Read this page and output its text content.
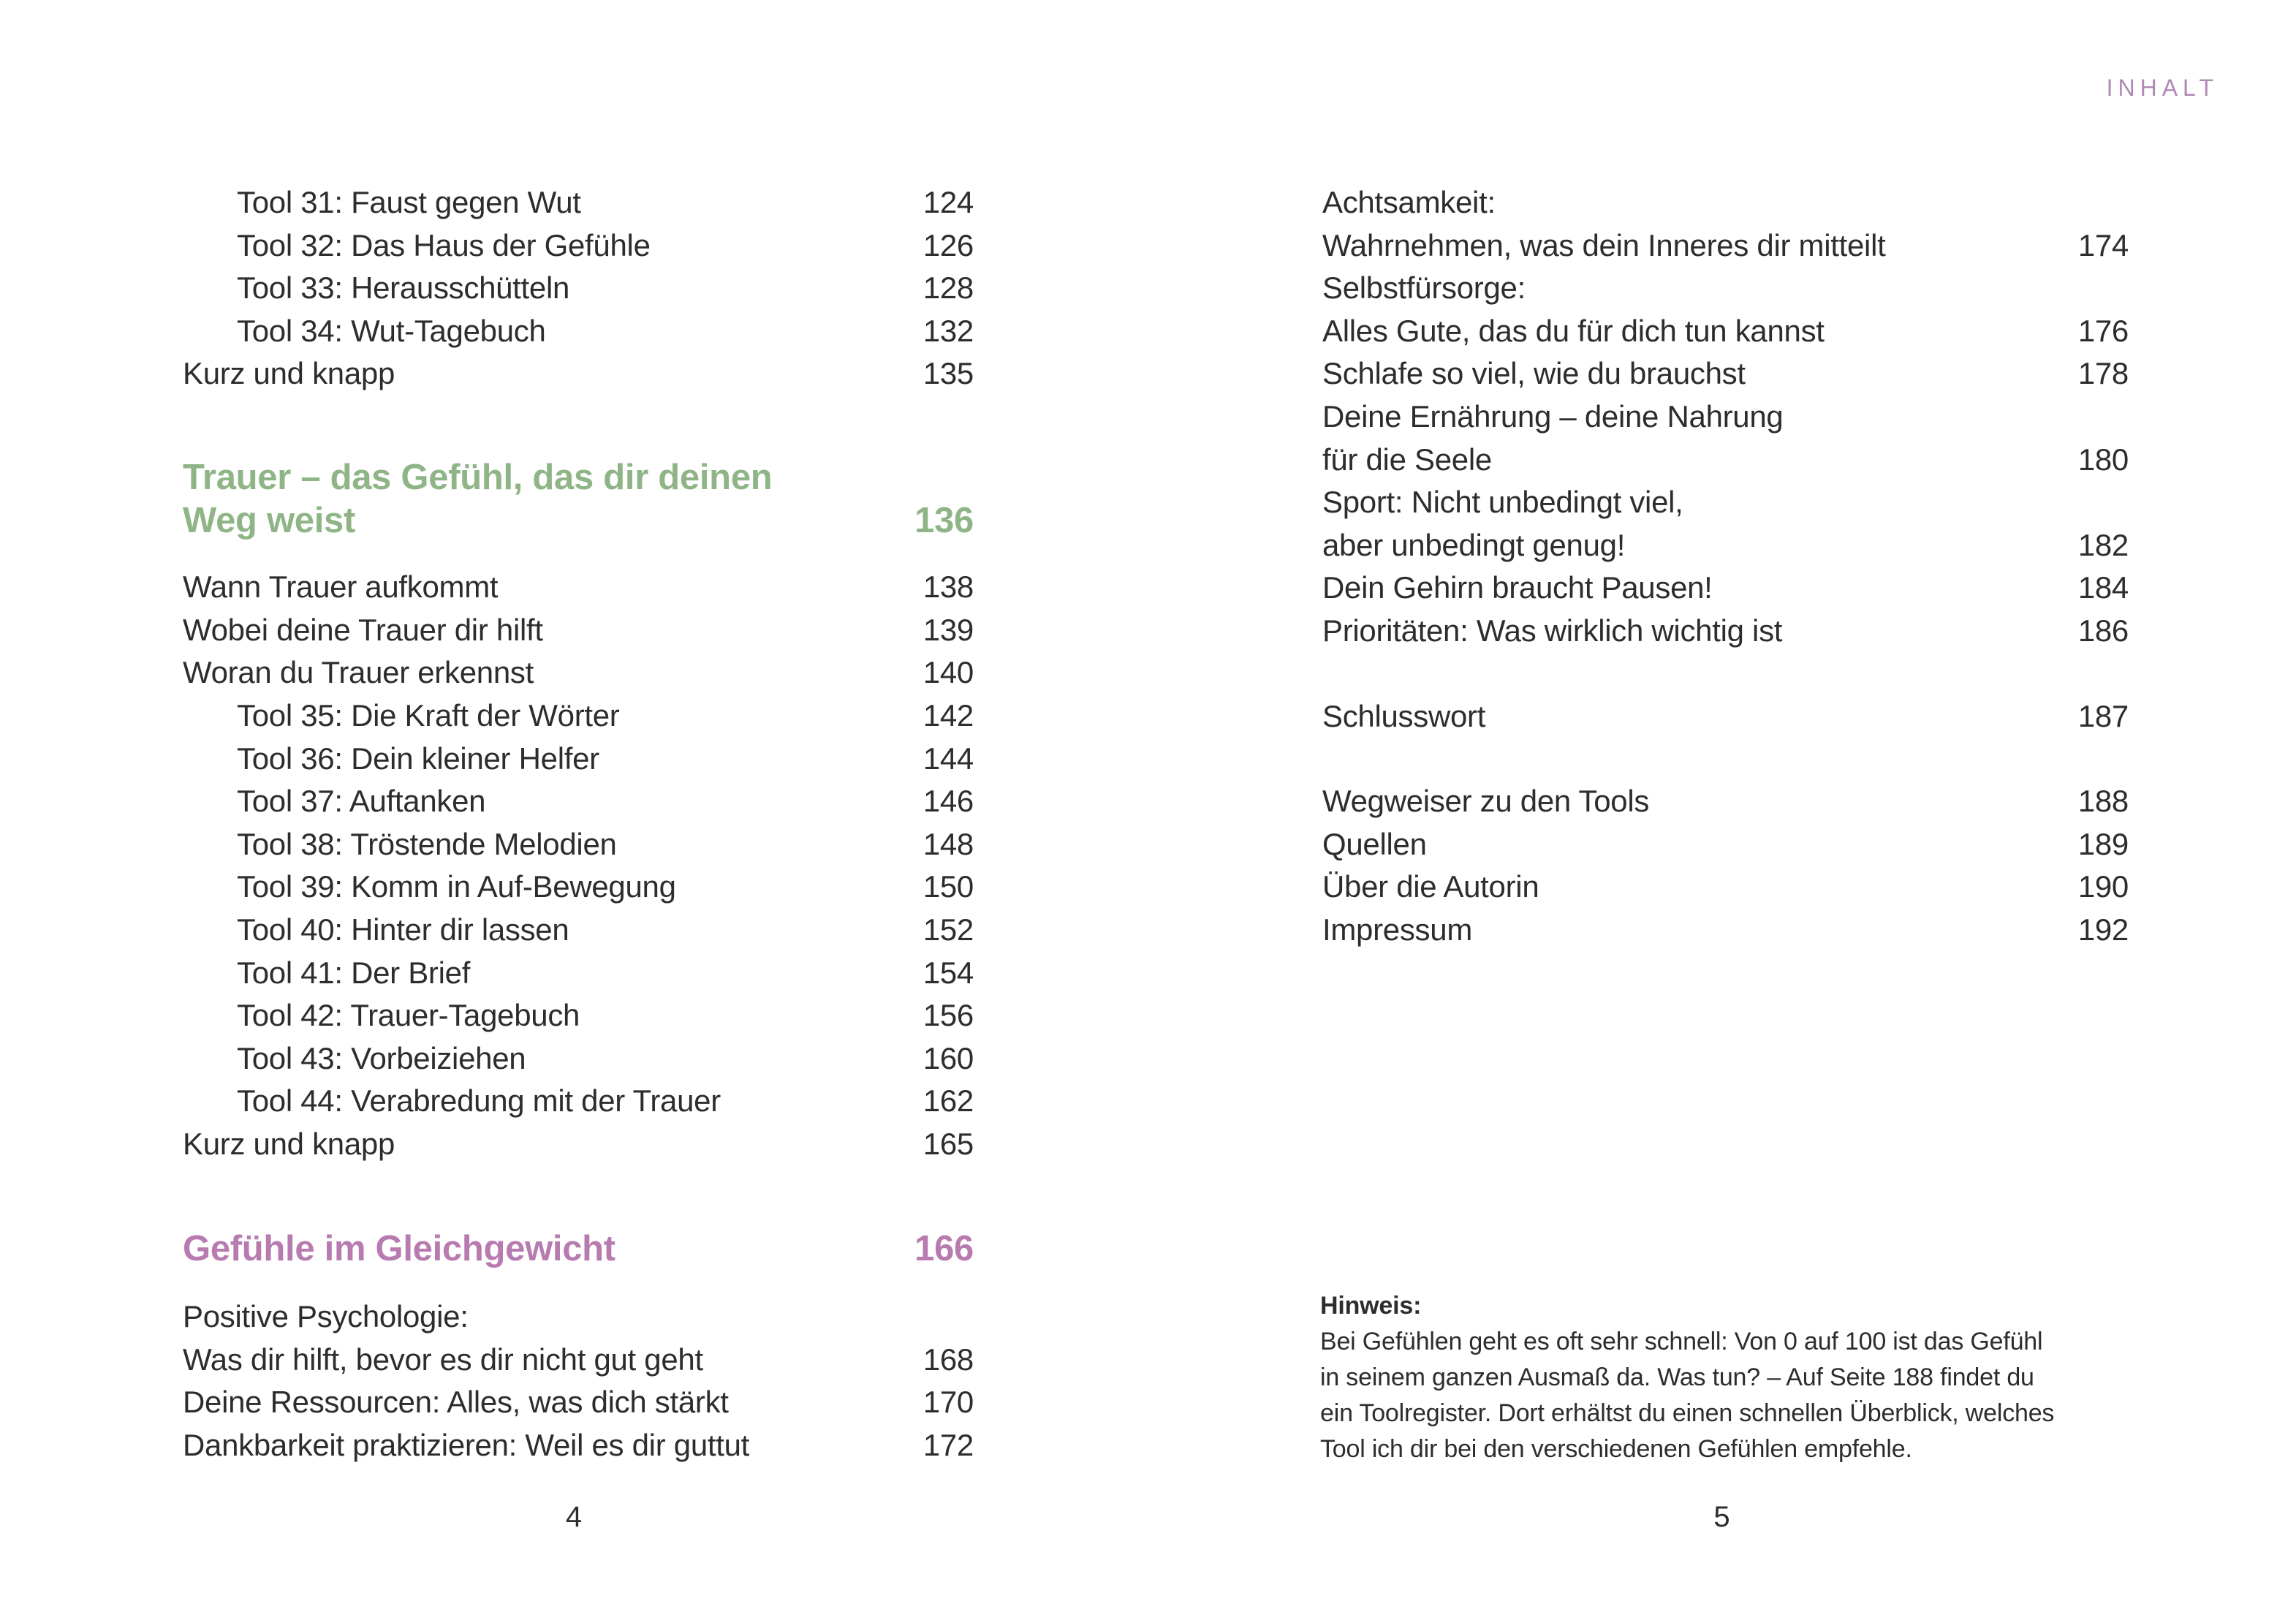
Tool 31: Faust gegen Wut	124
Tool 32: Das Haus der Gefühle	126
Tool 33: Herausschütteln	128
Tool 34: Wut-Tagebuch	132
Kurz und knapp	135
Trauer – das Gefühl, das dir deinen
Weg weist	136
Wann Trauer aufkommt	138
Wobei deine Trauer dir hilft	139
Woran du Trauer erkennst	140
Tool 35: Die Kraft der Wörter	142
Tool 36: Dein kleiner Helfer	144
Tool 37: Auftanken	146
Tool 38: Tröstende Melodien	148
Tool 39: Komm in Auf-Bewegung	150
Tool 40: Hinter dir lassen	152
Tool 41: Der Brief	154
Tool 42: Trauer-Tagebuch	156
Tool 43: Vorbeiziehen	160
Tool 44: Verabredung mit der Trauer	162
Kurz und knapp	165
Gefühle im Gleichgewicht	166
Positive Psychologie:
Was dir hilft, bevor es dir nicht gut geht	168
Deine Ressourcen: Alles, was dich stärkt	170
Dankbarkeit praktizieren: Weil es dir guttut	172
4
INHALT
Achtsamkeit:
Wahrnehmen, was dein Inneres dir mitteilt	174
Selbstfürsorge:
Alles Gute, das du für dich tun kannst	176
Schlafe so viel, wie du brauchst	178
Deine Ernährung – deine Nahrung
für die Seele	180
Sport: Nicht unbedingt viel,
aber unbedingt genug!	182
Dein Gehirn braucht Pausen!	184
Prioritäten: Was wirklich wichtig ist	186
Schlusswort	187
Wegweiser zu den Tools	188
Quellen	189
Über die Autorin	190
Impressum	192
Hinweis:
Bei Gefühlen geht es oft sehr schnell: Von 0 auf 100 ist das Gefühl
in seinem ganzen Ausmaß da. Was tun? – Auf Seite 188 findet du
ein Toolregister. Dort erhältst du einen schnellen Überblick, welches
Tool ich dir bei den verschiedenen Gefühlen empfehle.
5
